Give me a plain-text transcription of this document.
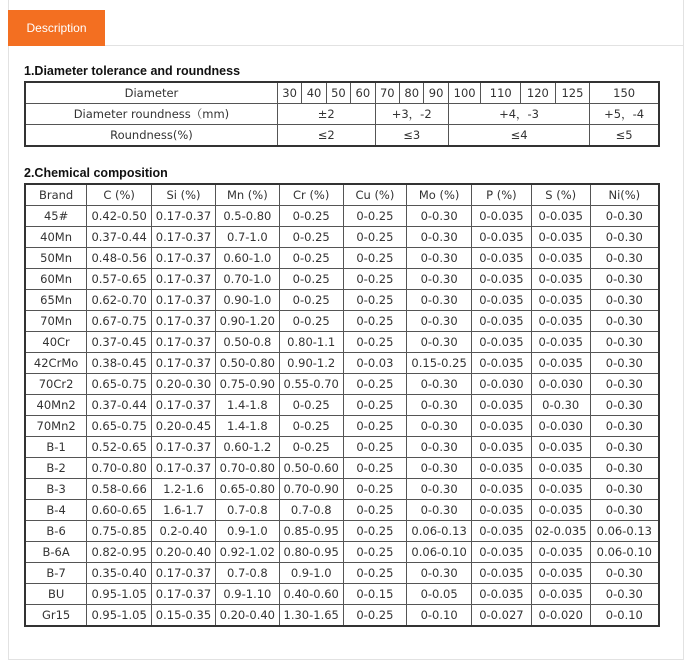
Description
1.Diameter tolerance and roundness
Diameter	30	40	50	60	70	80	90	100	110	120	125	150
Diameter roundness（mm)	±2				+3，-2			+4，-3				+5，-4
Roundness(%)	≤2				≤3			≤4				≤5
2.Chemical composition
Brand	C (%)	Si (%)	Mn (%)	Cr (%)	Cu (%)	Mo (%)	P (%)	S (%)	Ni(%)
45#	0.42-0.50	0.17-0.37	0.5-0.80	0-0.25	0-0.25	0-0.30	0-0.035	0-0.035	0-0.30
40Mn	0.37-0.44	0.17-0.37	0.7-1.0	0-0.25	0-0.25	0-0.30	0-0.035	0-0.035	0-0.30
50Mn	0.48-0.56	0.17-0.37	0.60-1.0	0-0.25	0-0.25	0-0.30	0-0.035	0-0.035	0-0.30
60Mn	0.57-0.65	0.17-0.37	0.70-1.0	0-0.25	0-0.25	0-0.30	0-0.035	0-0.035	0-0.30
65Mn	0.62-0.70	0.17-0.37	0.90-1.0	0-0.25	0-0.25	0-0.30	0-0.035	0-0.035	0-0.30
70Mn	0.67-0.75	0.17-0.37	0.90-1.20	0-0.25	0-0.25	0-0.30	0-0.035	0-0.035	0-0.30
40Cr	0.37-0.45	0.17-0.37	0.50-0.8	0.80-1.1	0-0.25	0-0.30	0-0.035	0-0.035	0-0.30
42CrMo	0.38-0.45	0.17-0.37	0.50-0.80	0.90-1.2	0-0.03	0.15-0.25	0-0.035	0-0.035	0-0.30
70Cr2	0.65-0.75	0.20-0.30	0.75-0.90	0.55-0.70	0-0.25	0-0.30	0-0.030	0-0.030	0-0.30
40Mn2	0.37-0.44	0.17-0.37	1.4-1.8	0-0.25	0-0.25	0-0.30	0-0.035	0-0.30	0-0.30
70Mn2	0.65-0.75	0.20-0.45	1.4-1.8	0-0.25	0-0.25	0-0.30	0-0.035	0-0.030	0-0.30
B-1	0.52-0.65	0.17-0.37	0.60-1.2	0-0.25	0-0.25	0-0.30	0-0.035	0-0.035	0-0.30
B-2	0.70-0.80	0.17-0.37	0.70-0.80	0.50-0.60	0-0.25	0-0.30	0-0.035	0-0.035	0-0.30
B-3	0.58-0.66	1.2-1.6	0.65-0.80	0.70-0.90	0-0.25	0-0.30	0-0.035	0-0.035	0-0.30
B-4	0.60-0.65	1.6-1.7	0.7-0.8	0.7-0.8	0-0.25	0-0.30	0-0.035	0-0.035	0-0.30
B-6	0.75-0.85	0.2-0.40	0.9-1.0	0.85-0.95	0-0.25	0.06-0.13	0-0.035	02-0.035	0.06-0.13
B-6A	0.82-0.95	0.20-0.40	0.92-1.02	0.80-0.95	0-0.25	0.06-0.10	0-0.035	0-0.035	0.06-0.10
B-7	0.35-0.40	0.17-0.37	0.7-0.8	0.9-1.0	0-0.25	0-0.30	0-0.035	0-0.035	0-0.30
BU	0.95-1.05	0.17-0.37	0.9-1.10	0.40-0.60	0-0.15	0-0.05	0-0.035	0-0.035	0-0.30
Gr15	0.95-1.05	0.15-0.35	0.20-0.40	1.30-1.65	0-0.25	0-0.10	0-0.027	0-0.020	0-0.10
